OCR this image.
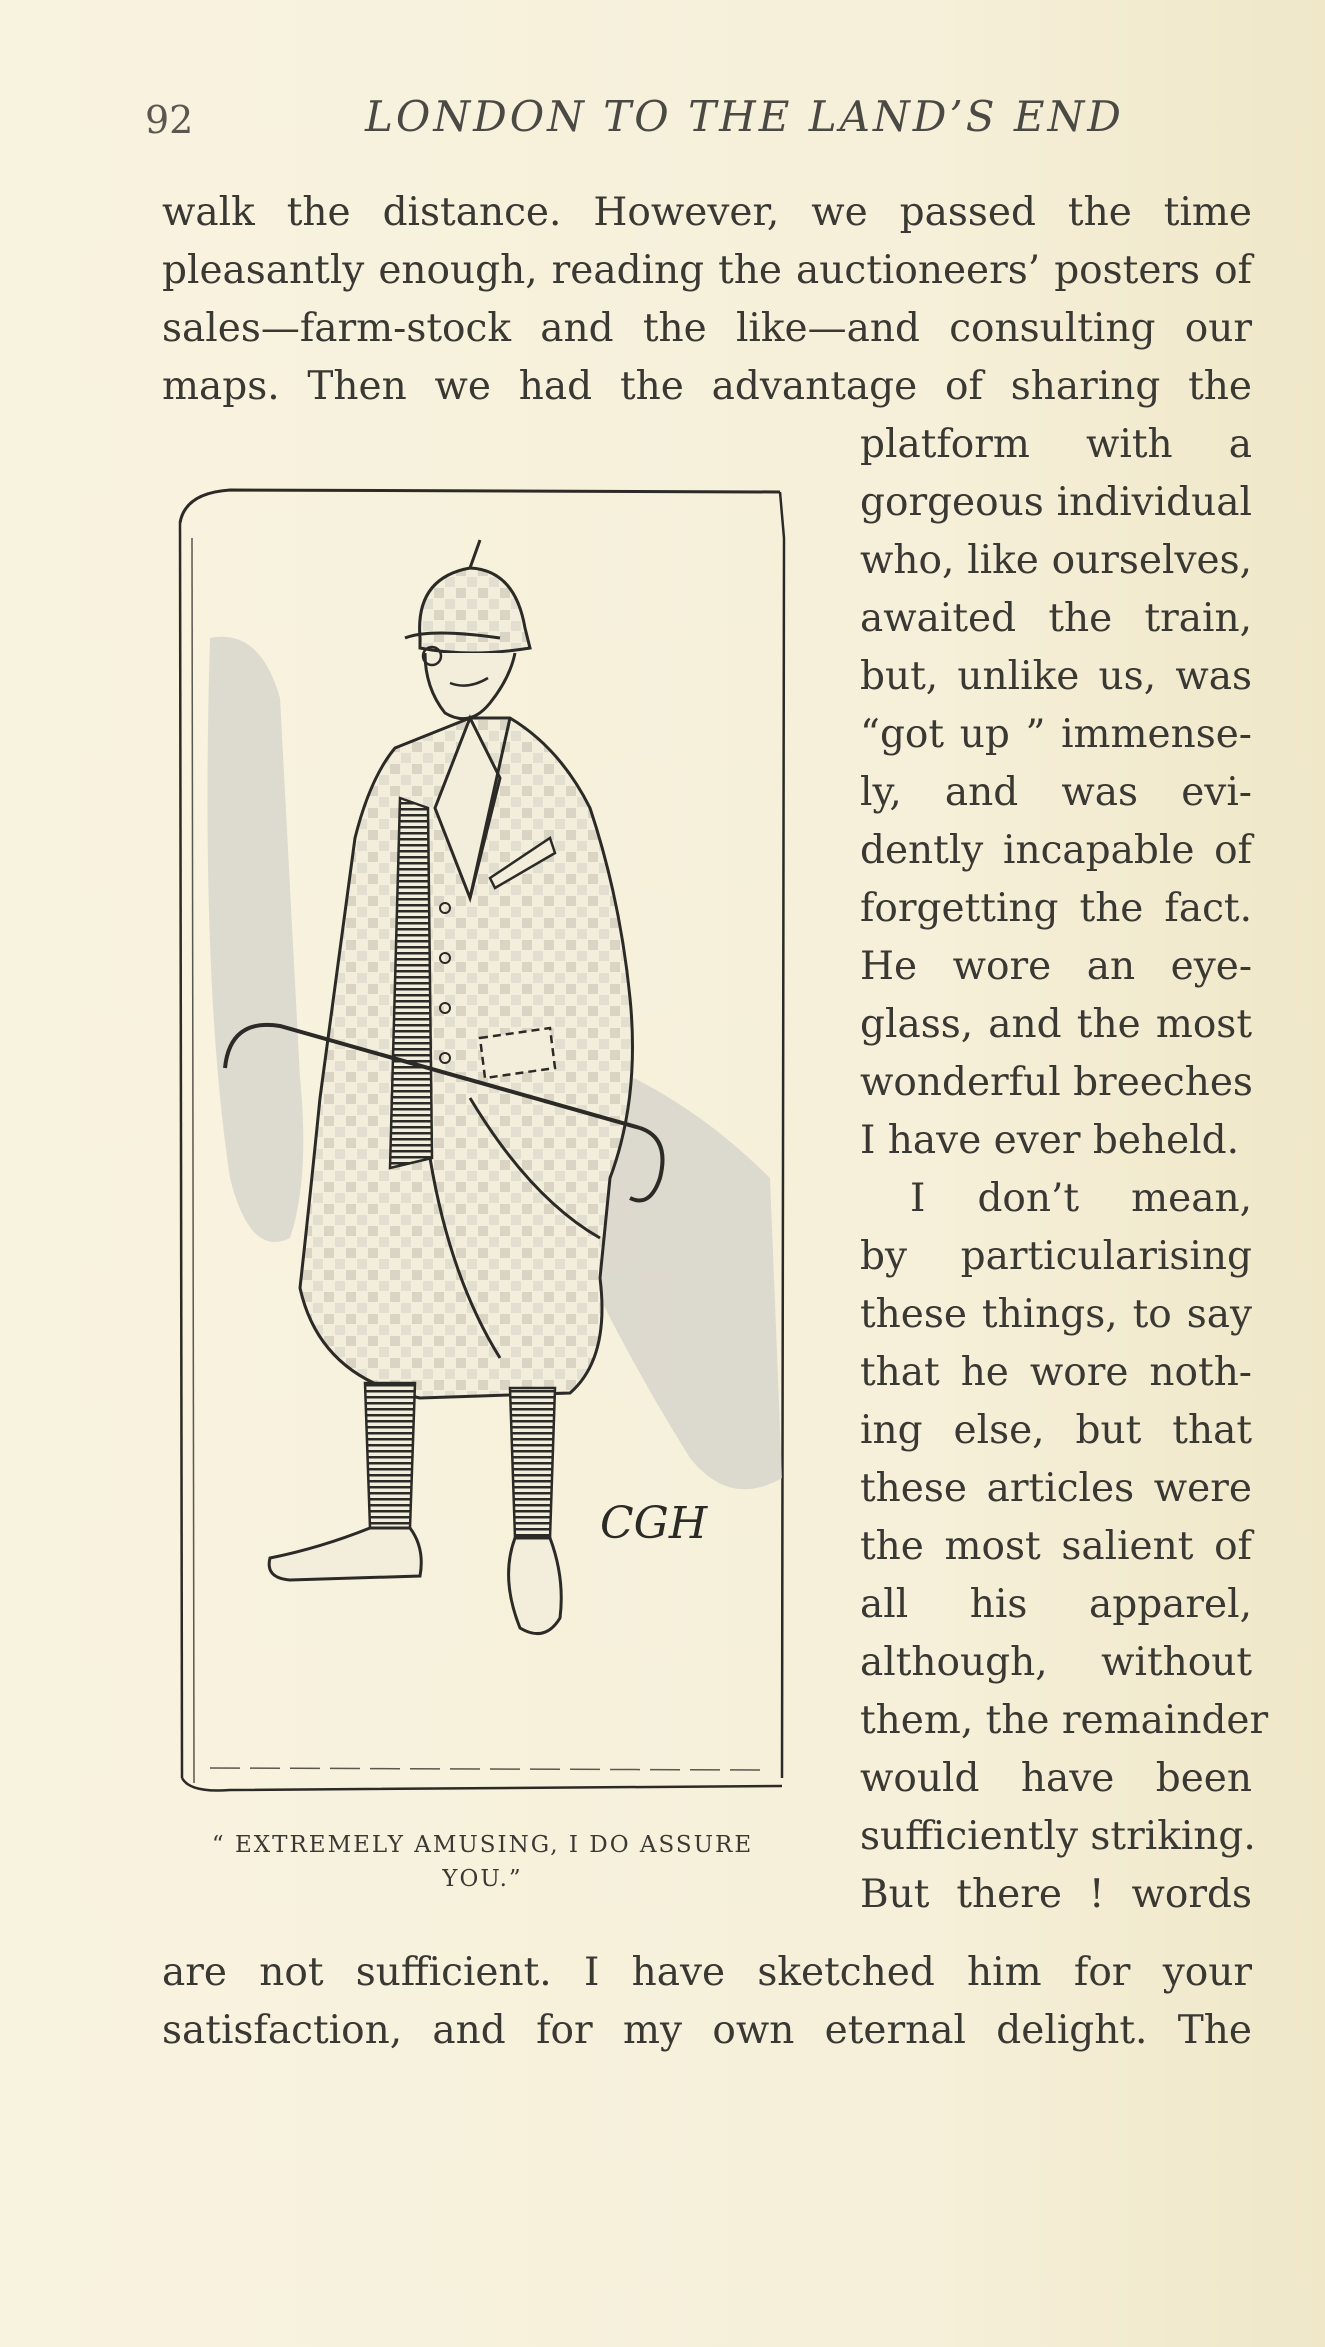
92	LONDON TO THE LAND’S END
walk the distance. However, we passed the time
pleasantly enough, reading the auctioneers’ posters of
sales—farm-stock and the like—and consulting our
maps. Then we had the advantage of sharing the
platform with a
gorgeous individual
who, like ourselves,
awaited the train,
but, unlike us, was
“got up ” immense-
ly, and was evi-
dently incapable of
forgetting the fact.
He wore an eye-
glass, and the most
wonderful breeches
I have ever beheld.
I don’t mean,
by particularising
these things, to say
that he wore noth-
ing else, but that
these articles were
the most salient of
all his apparel,
although, without
them, the remainder
would have been
sufficiently striking.
But there ! words
are not sufficient. I have sketched him for your
satisfaction, and for my own eternal delight. The
CGH
“ EXTREMELY AMUSING, I DO ASSURE YOU.”
